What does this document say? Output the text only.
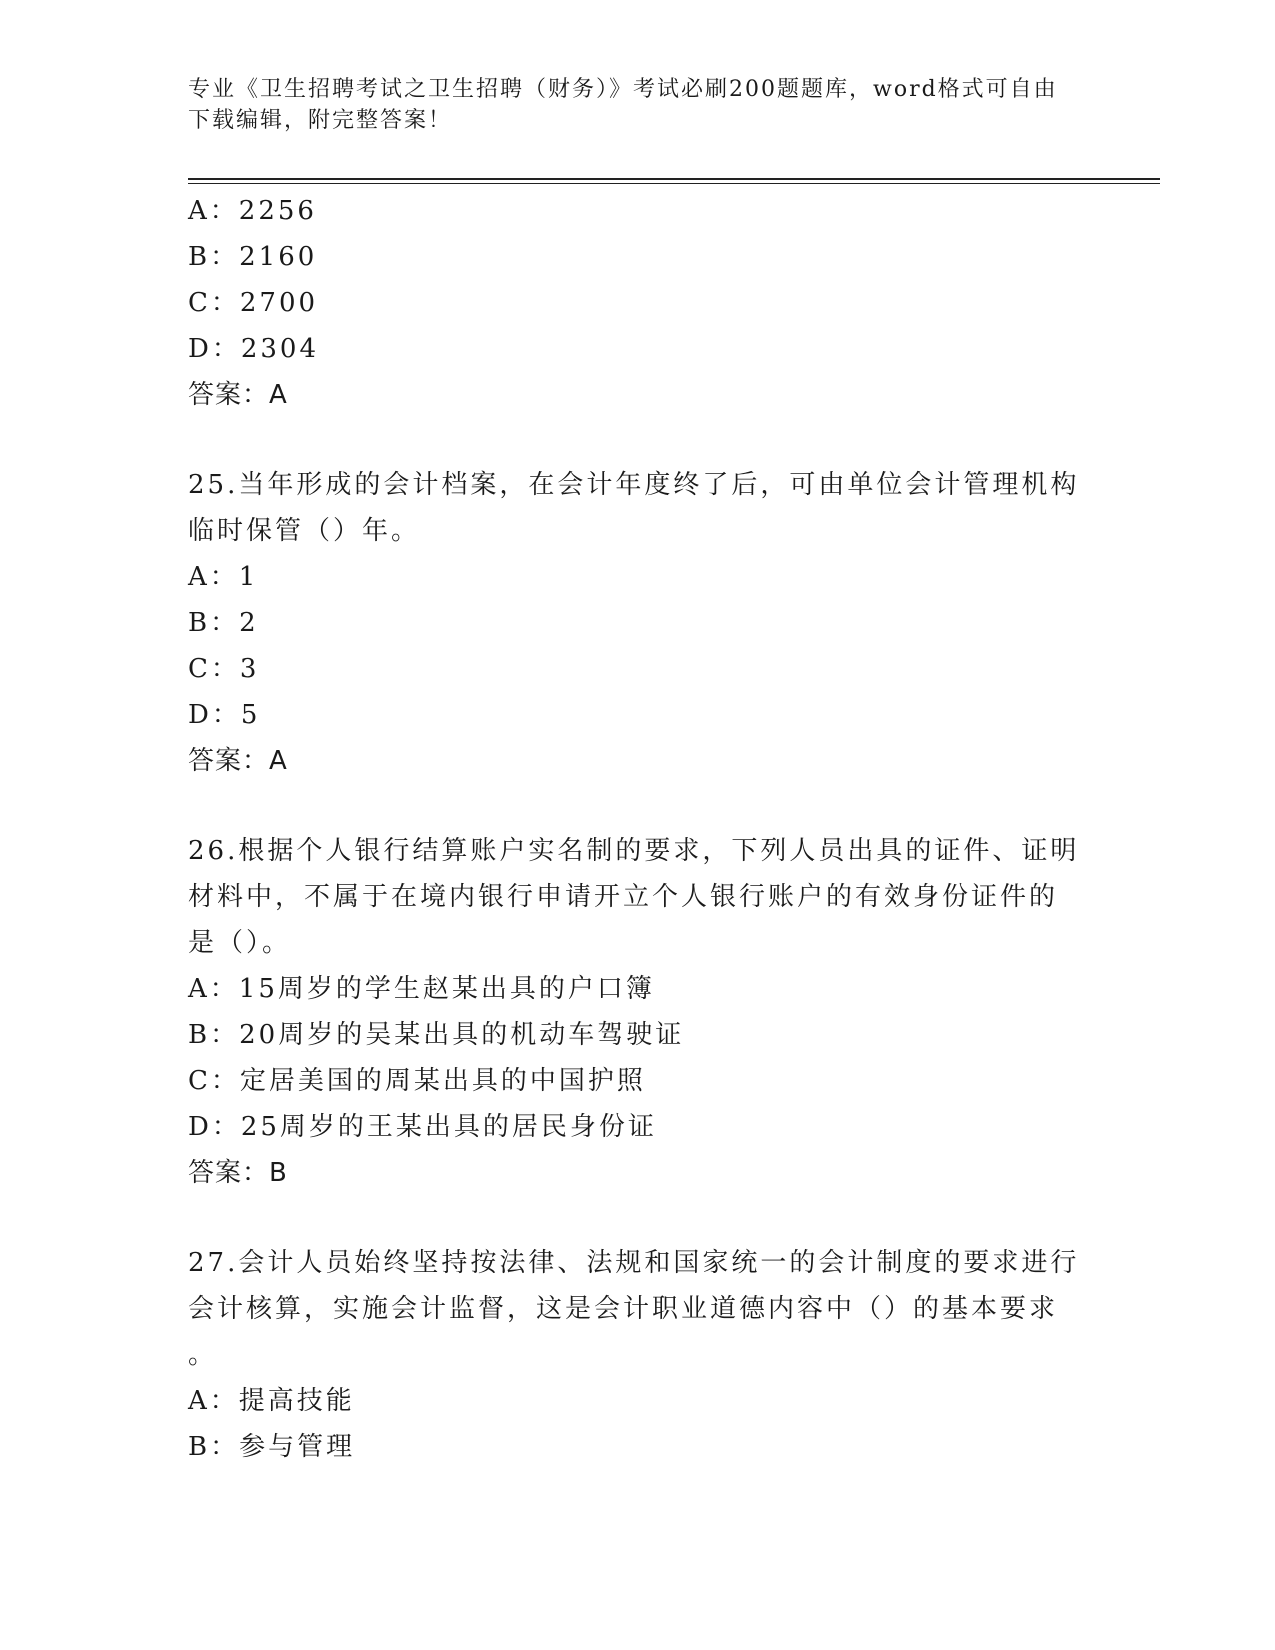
专业《卫生招聘考试之卫生招聘（财务）》考试必刷200题题库，word格式可自由下载编辑，附完整答案！
A：2256
B：2160
C：2700
D：2304
答案：A
25.当年形成的会计档案，在会计年度终了后，可由单位会计管理机构
临时保管（）年。
A：1
B：2
C：3
D：5
答案：A
26.根据个人银行结算账户实名制的要求，下列人员出具的证件、证明
材料中，不属于在境内银行申请开立个人银行账户的有效身份证件的
是（）。
A：15周岁的学生赵某出具的户口簿
B：20周岁的吴某出具的机动车驾驶证
C：定居美国的周某出具的中国护照
D：25周岁的王某出具的居民身份证
答案：B
27.会计人员始终坚持按法律、法规和国家统一的会计制度的要求进行
会计核算，实施会计监督，这是会计职业道德内容中（）的基本要求
。
A：提高技能
B：参与管理
